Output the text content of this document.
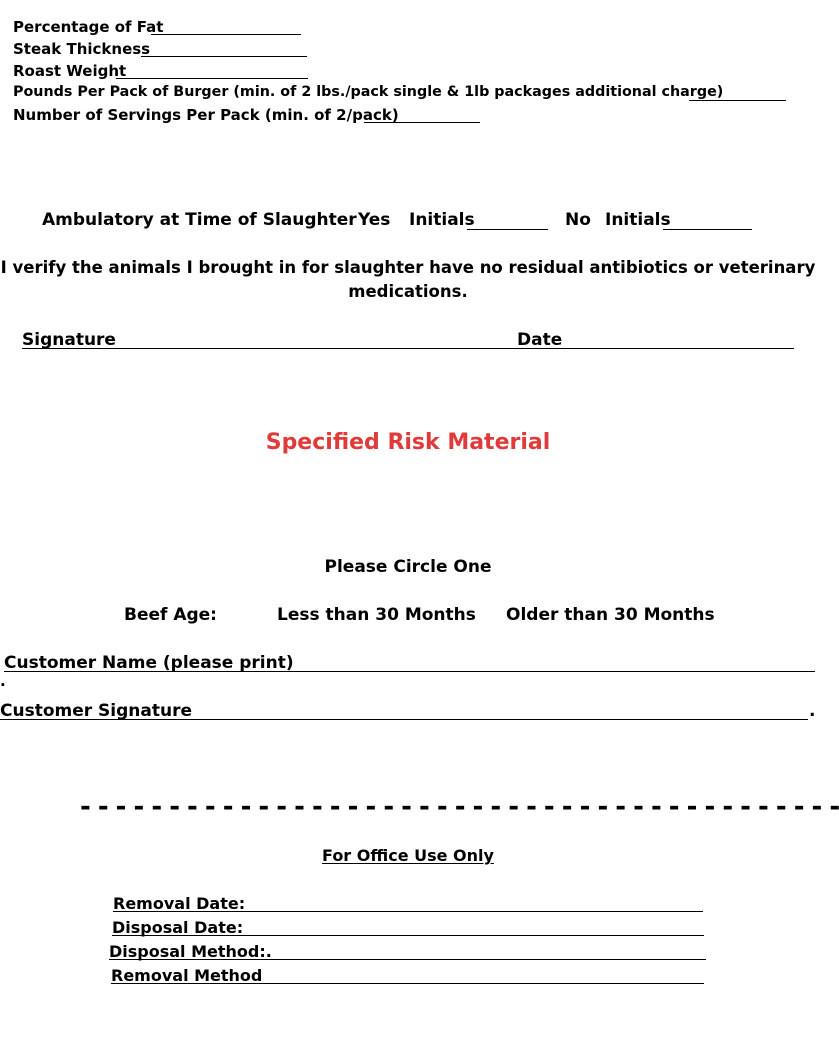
Percentage of Fat
Steak Thickness
Roast Weight
Pounds Per Pack of Burger (min. of 2 lbs./pack single & 1lb packages additional charge)
Number of Servings Per Pack (min. of 2/pack)
Ambulatory at Time of Slaughter Yes Initials	No Initials
I verify the animals I brought in for slaughter have no residual antibiotics or veterinary
medications.
Signature	Date
Specified Risk Material
Please Circle One
Beef Age:	Less than 30 Months Older than 30 Months
Customer Name (please print)
.
Customer Signature	.
- - - - - - - - - - - - - - - - - - - - - - - - - - - - - - - - - - - - - - - - - - -
For Office Use Only
Removal Date:
Disposal Date:
Disposal Method:.
Removal Method
